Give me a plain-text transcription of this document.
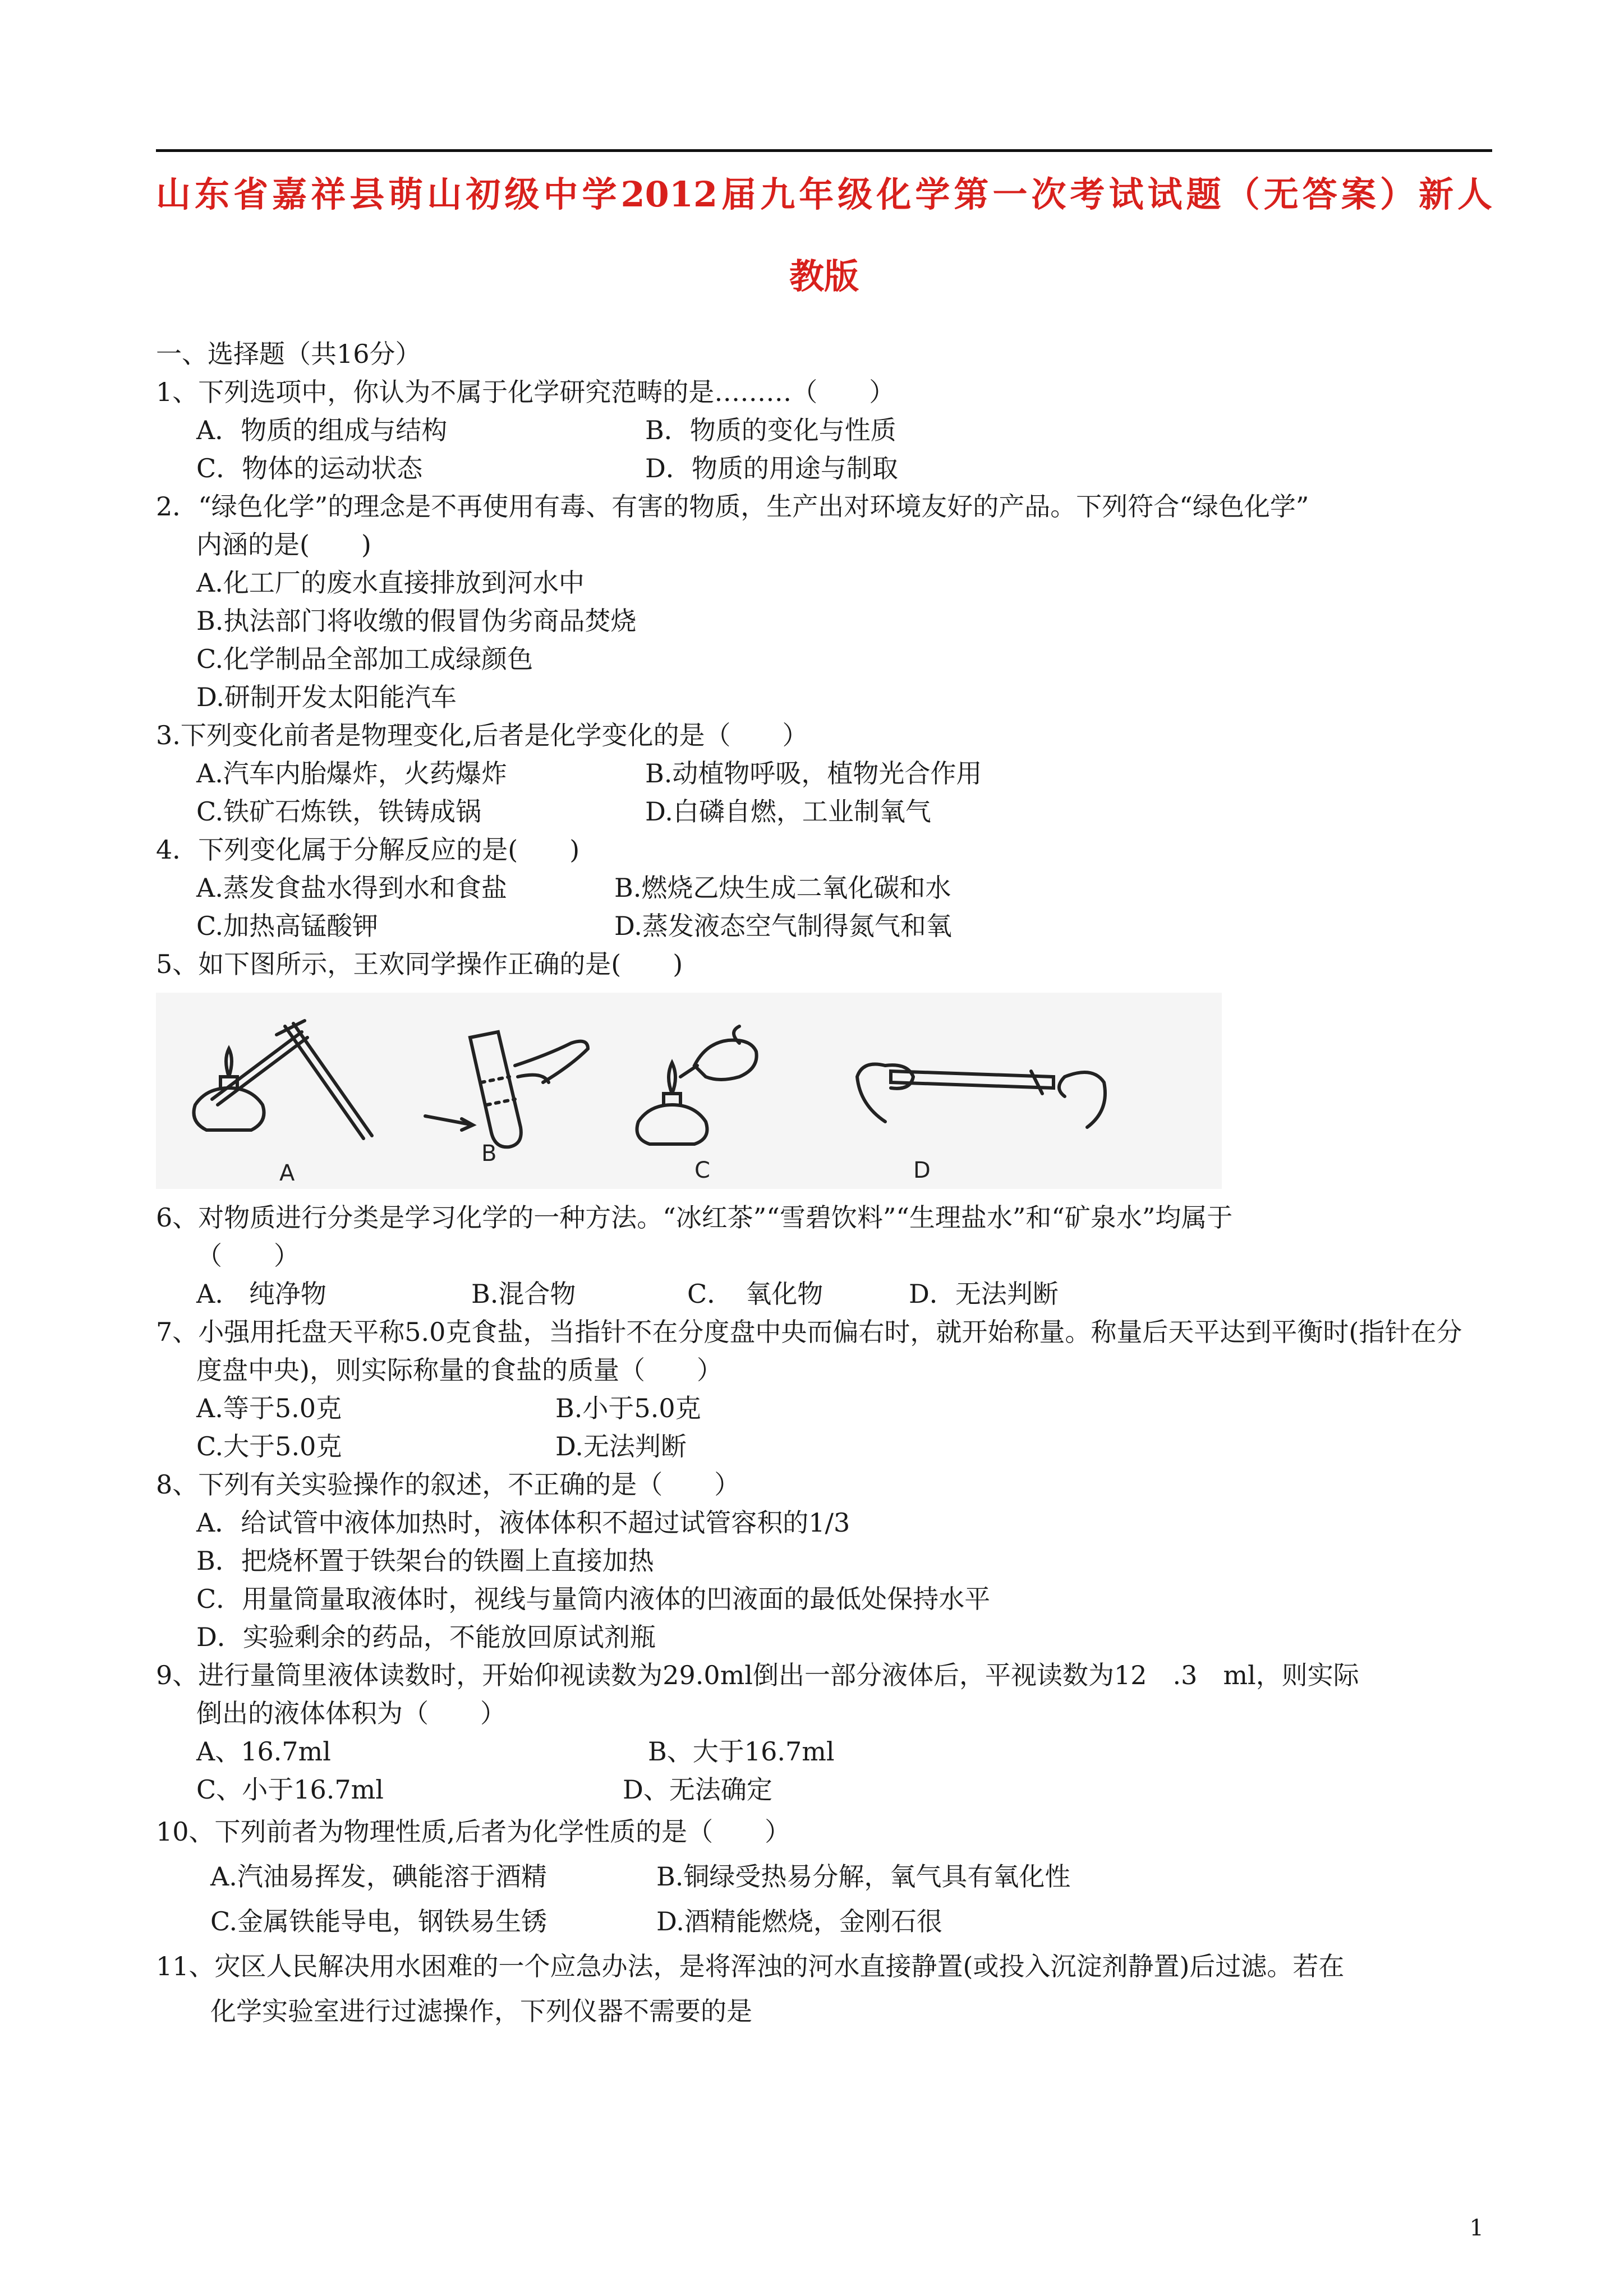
山东省嘉祥县萌山初级中学2012届九年级化学第一次考试试题（无答案）新人
教版
一、选择题（共16分）
1、下列选项中，你认为不属于化学研究范畴的是………（　　）
A．物质的组成与结构	B．物质的变化与性质
C．物体的运动状态	D．物质的用途与制取
2．“绿色化学”的理念是不再使用有毒、有害的物质，生产出对环境友好的产品。下列符合“绿色化学”
内涵的是(　　)
A.化工厂的废水直接排放到河水中
B.执法部门将收缴的假冒伪劣商品焚烧
C.化学制品全部加工成绿颜色
D.研制开发太阳能汽车
3.下列变化前者是物理变化,后者是化学变化的是（　　）
A.汽车内胎爆炸，火药爆炸	B.动植物呼吸，植物光合作用
C.铁矿石炼铁，铁铸成锅	D.白磷自燃，工业制氧气
4．下列变化属于分解反应的是(　　)
A.蒸发食盐水得到水和食盐	B.燃烧乙炔生成二氧化碳和水
C.加热高锰酸钾	D.蒸发液态空气制得氮气和氧
5、如下图所示，王欢同学操作正确的是(　　)
A
B
C	D
6、对物质进行分类是学习化学的一种方法。“冰红茶”“雪碧饮料”“生理盐水”和“矿泉水”均属于
（　　）
A.　纯净物	B.混合物	C．　氧化物	D．无法判断
7、小强用托盘天平称5.0克食盐，当指针不在分度盘中央而偏右时，就开始称量。称量后天平达到平衡时(指针在分
度盘中央)，则实际称量的食盐的质量（　　）
A.等于5.0克	B.小于5.0克
C.大于5.0克	D.无法判断
8、下列有关实验操作的叙述，不正确的是（　　）
A．给试管中液体加热时，液体体积不超过试管容积的1/3
B．把烧杯置于铁架台的铁圈上直接加热
C．用量筒量取液体时，视线与量筒内液体的凹液面的最低处保持水平
D．实验剩余的药品，不能放回原试剂瓶
9、进行量筒里液体读数时，开始仰视读数为29.0ml倒出一部分液体后，平视读数为12　.3　ml，则实际
倒出的液体体积为（　　）
A、16.7ml	B、大于16.7ml
C、小于16.7ml	D、无法确定
10、下列前者为物理性质,后者为化学性质的是（　　）
A.汽油易挥发，碘能溶于酒精	B.铜绿受热易分解，氧气具有氧化性
C.金属铁能导电，钢铁易生锈	D.酒精能燃烧，金刚石很
11、灾区人民解决用水困难的一个应急办法，是将浑浊的河水直接静置(或投入沉淀剂静置)后过滤。若在
化学实验室进行过滤操作，下列仪器不需要的是
1
